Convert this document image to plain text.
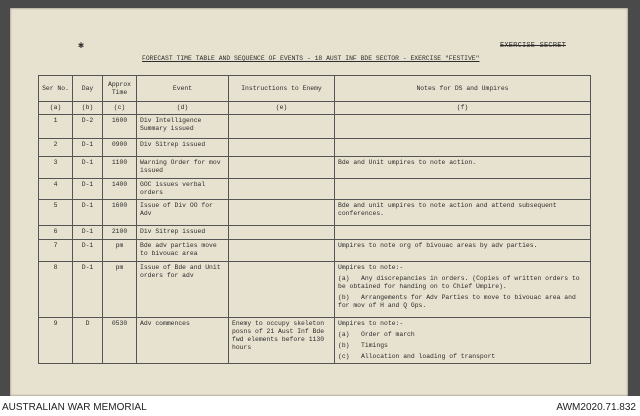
✱	EXERCISE SECRET
FORECAST TIME TABLE AND SEQUENCE OF EVENTS - 18 AUST INF BDE SECTOR - EXERCISE "FESTIVE"
Ser No.	Day	Approx Time	Event	Instructions to Enemy	Notes for DS and Umpires
(a)	(b)	(c)	(d)	(e)	(f)
1	D-2	1600	Div Intelligence Summary issued		
2	D-1	0900	Div Sitrep issued		
3	D-1	1100	Warning Order for mov issued		Bde and Unit umpires to note action.
4	D-1	1400	GOC issues verbal orders		
5	D-1	1600	Issue of Div OO for Adv		Bde and unit umpires to note action and attend subsequent conferences.
6	D-1	2100	Div Sitrep issued		
7	D-1	pm	Bde adv parties move to bivouac area		Umpires to note org of bivouac areas by adv parties.
8	D-1	pm	Issue of Bde and Unit orders for adv		Umpires to note:-
(a) Any discrepancies in orders. (Copies of written orders to be obtained for handing on to Chief Umpire).
(b) Arrangements for Adv Parties to move to bivouac area and for mov of H and Q Gps.

9	D	0530	Adv commences	Enemy to occupy skeleton posns of 21 Aust Inf Bde fwd elements before 1130 hours	Umpires to note:-
(a) Order of march
(b) Timings
(c) Allocation and loading of transport
AUSTRALIAN WAR MEMORIAL	AWM2020.71.832
